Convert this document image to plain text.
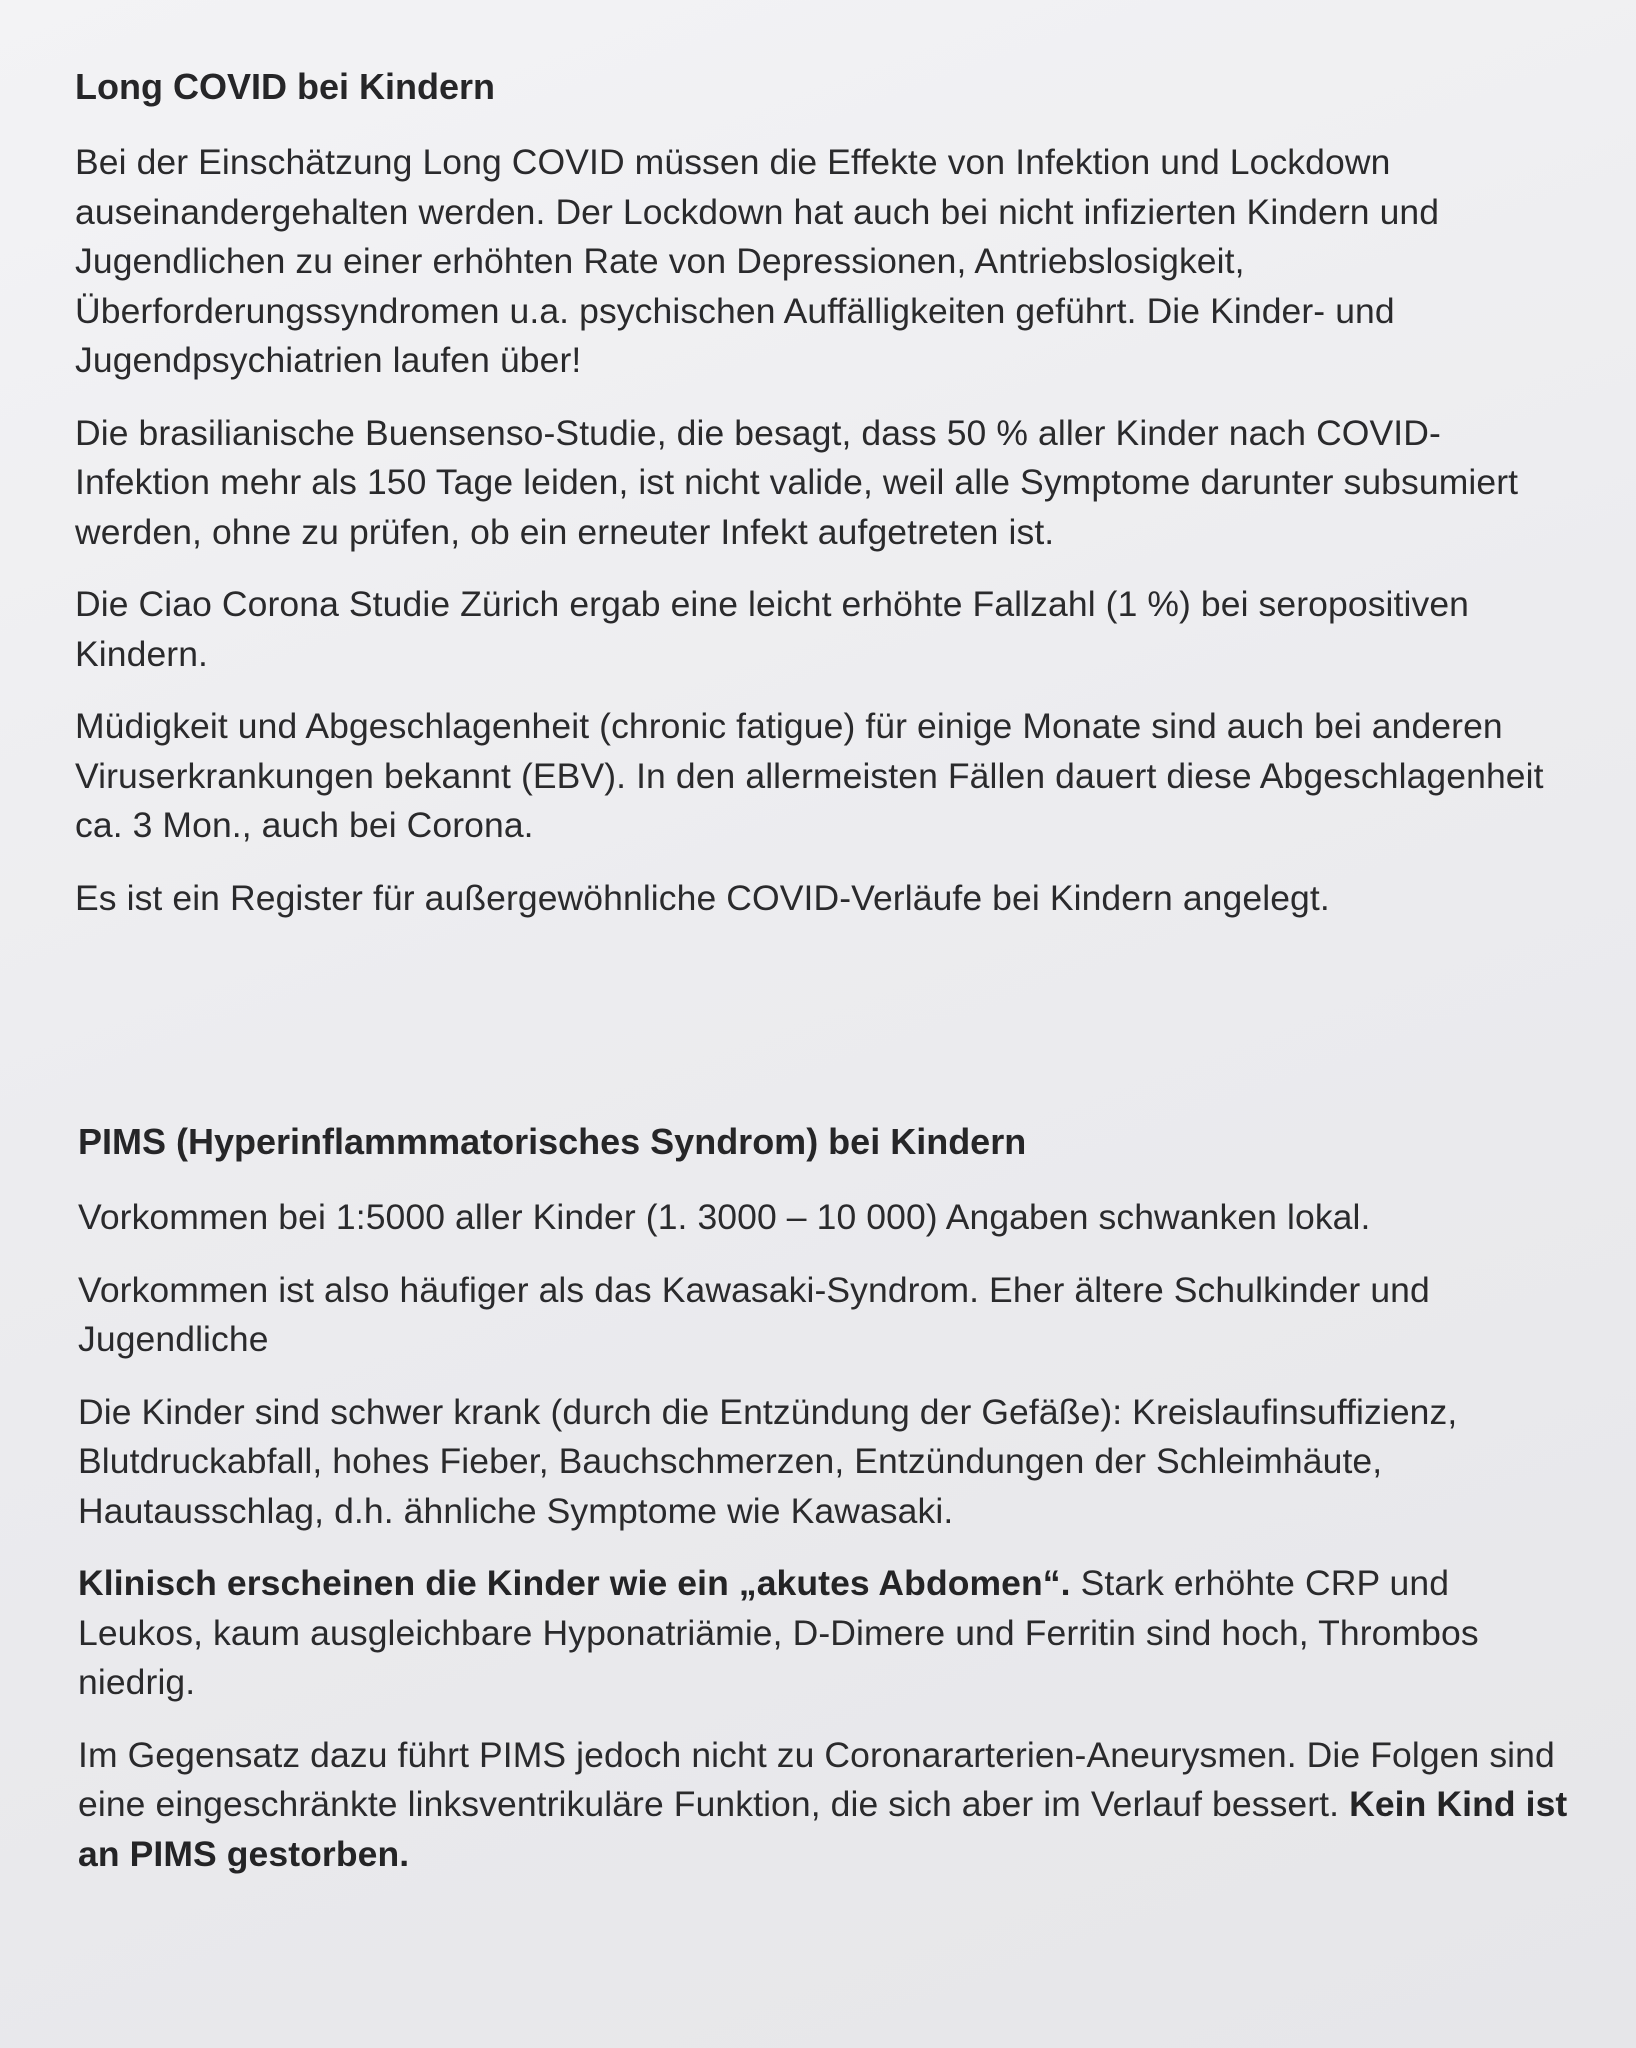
Long COVID bei Kindern

Bei der Einschätzung Long COVID müssen die Effekte von Infektion und Lockdown auseinandergehalten werden. Der Lockdown hat auch bei nicht infizierten Kindern und Jugendlichen zu einer erhöhten Rate von Depressionen, Antriebslosigkeit, Überforderungssyndromen u.a. psychischen Auffälligkeiten geführt. Die Kinder- und Jugendpsychiatrien laufen über!

Die brasilianische Buensenso-Studie, die besagt, dass 50 % aller Kinder nach COVID-Infektion mehr als 150 Tage leiden, ist nicht valide, weil alle Symptome darunter subsumiert werden, ohne zu prüfen, ob ein erneuter Infekt aufgetreten ist.

Die Ciao Corona Studie Zürich ergab eine leicht erhöhte Fallzahl (1 %) bei seropositiven Kindern.

Müdigkeit und Abgeschlagenheit (chronic fatigue) für einige Monate sind auch bei anderen Viruserkrankungen bekannt (EBV). In den allermeisten Fällen dauert diese Abgeschlagenheit ca. 3 Mon., auch bei Corona.

Es ist ein Register für außergewöhnliche COVID-Verläufe bei Kindern angelegt.

PIMS (Hyperinflammmatorisches Syndrom) bei Kindern

Vorkommen bei 1:5000 aller Kinder (1. 3000 – 10 000) Angaben schwanken lokal.

Vorkommen ist also häufiger als das Kawasaki-Syndrom. Eher ältere Schulkinder und Jugendliche

Die Kinder sind schwer krank (durch die Entzündung der Gefäße): Kreislaufinsuffizienz, Blutdruckabfall, hohes Fieber, Bauchschmerzen, Entzündungen der Schleimhäute, Hautausschlag, d.h. ähnliche Symptome wie Kawasaki.

Klinisch erscheinen die Kinder wie ein „akutes Abdomen“. Stark erhöhte CRP und Leukos, kaum ausgleichbare Hyponatriämie, D-Dimere und Ferritin sind hoch, Thrombos niedrig.

Im Gegensatz dazu führt PIMS jedoch nicht zu Coronararterien-Aneurysmen. Die Folgen sind eine eingeschränkte linksventrikuläre Funktion, die sich aber im Verlauf bessert. Kein Kind ist an PIMS gestorben.
